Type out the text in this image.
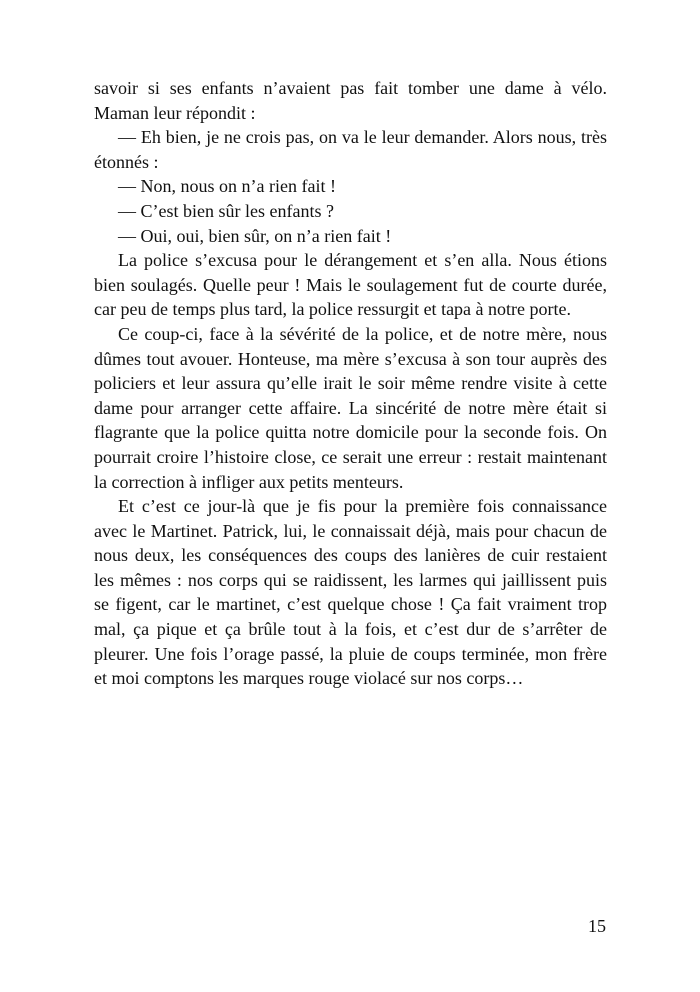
savoir si ses enfants n’avaient pas fait tomber une dame à vélo. Maman leur répondit :

— Eh bien, je ne crois pas, on va le leur demander. Alors nous, très étonnés :

— Non, nous on n’a rien fait !

— C’est bien sûr les enfants ?

— Oui, oui, bien sûr, on n’a rien fait !

La police s’excusa pour le dérangement et s’en alla. Nous étions bien soulagés. Quelle peur ! Mais le soulagement fut de courte durée, car peu de temps plus tard, la police ressurgit et tapa à notre porte.

Ce coup-ci, face à la sévérité de la police, et de notre mère, nous dûmes tout avouer. Honteuse, ma mère s’excusa à son tour auprès des policiers et leur assura qu’elle irait le soir même rendre visite à cette dame pour arranger cette affaire. La sincérité de notre mère était si flagrante que la police quitta notre domicile pour la seconde fois. On pourrait croire l’histoire close, ce serait une erreur : restait maintenant la correction à infliger aux petits menteurs.

Et c’est ce jour-là que je fis pour la première fois connaissance avec le Martinet. Patrick, lui, le connaissait déjà, mais pour chacun de nous deux, les conséquences des coups des lanières de cuir restaient les mêmes : nos corps qui se raidissent, les larmes qui jaillissent puis se figent, car le martinet, c’est quelque chose ! Ça fait vraiment trop mal, ça pique et ça brûle tout à la fois, et c’est dur de s’arrêter de pleurer. Une fois l’orage passé, la pluie de coups terminée, mon frère et moi comptons les marques rouge violacé sur nos corps…

15
